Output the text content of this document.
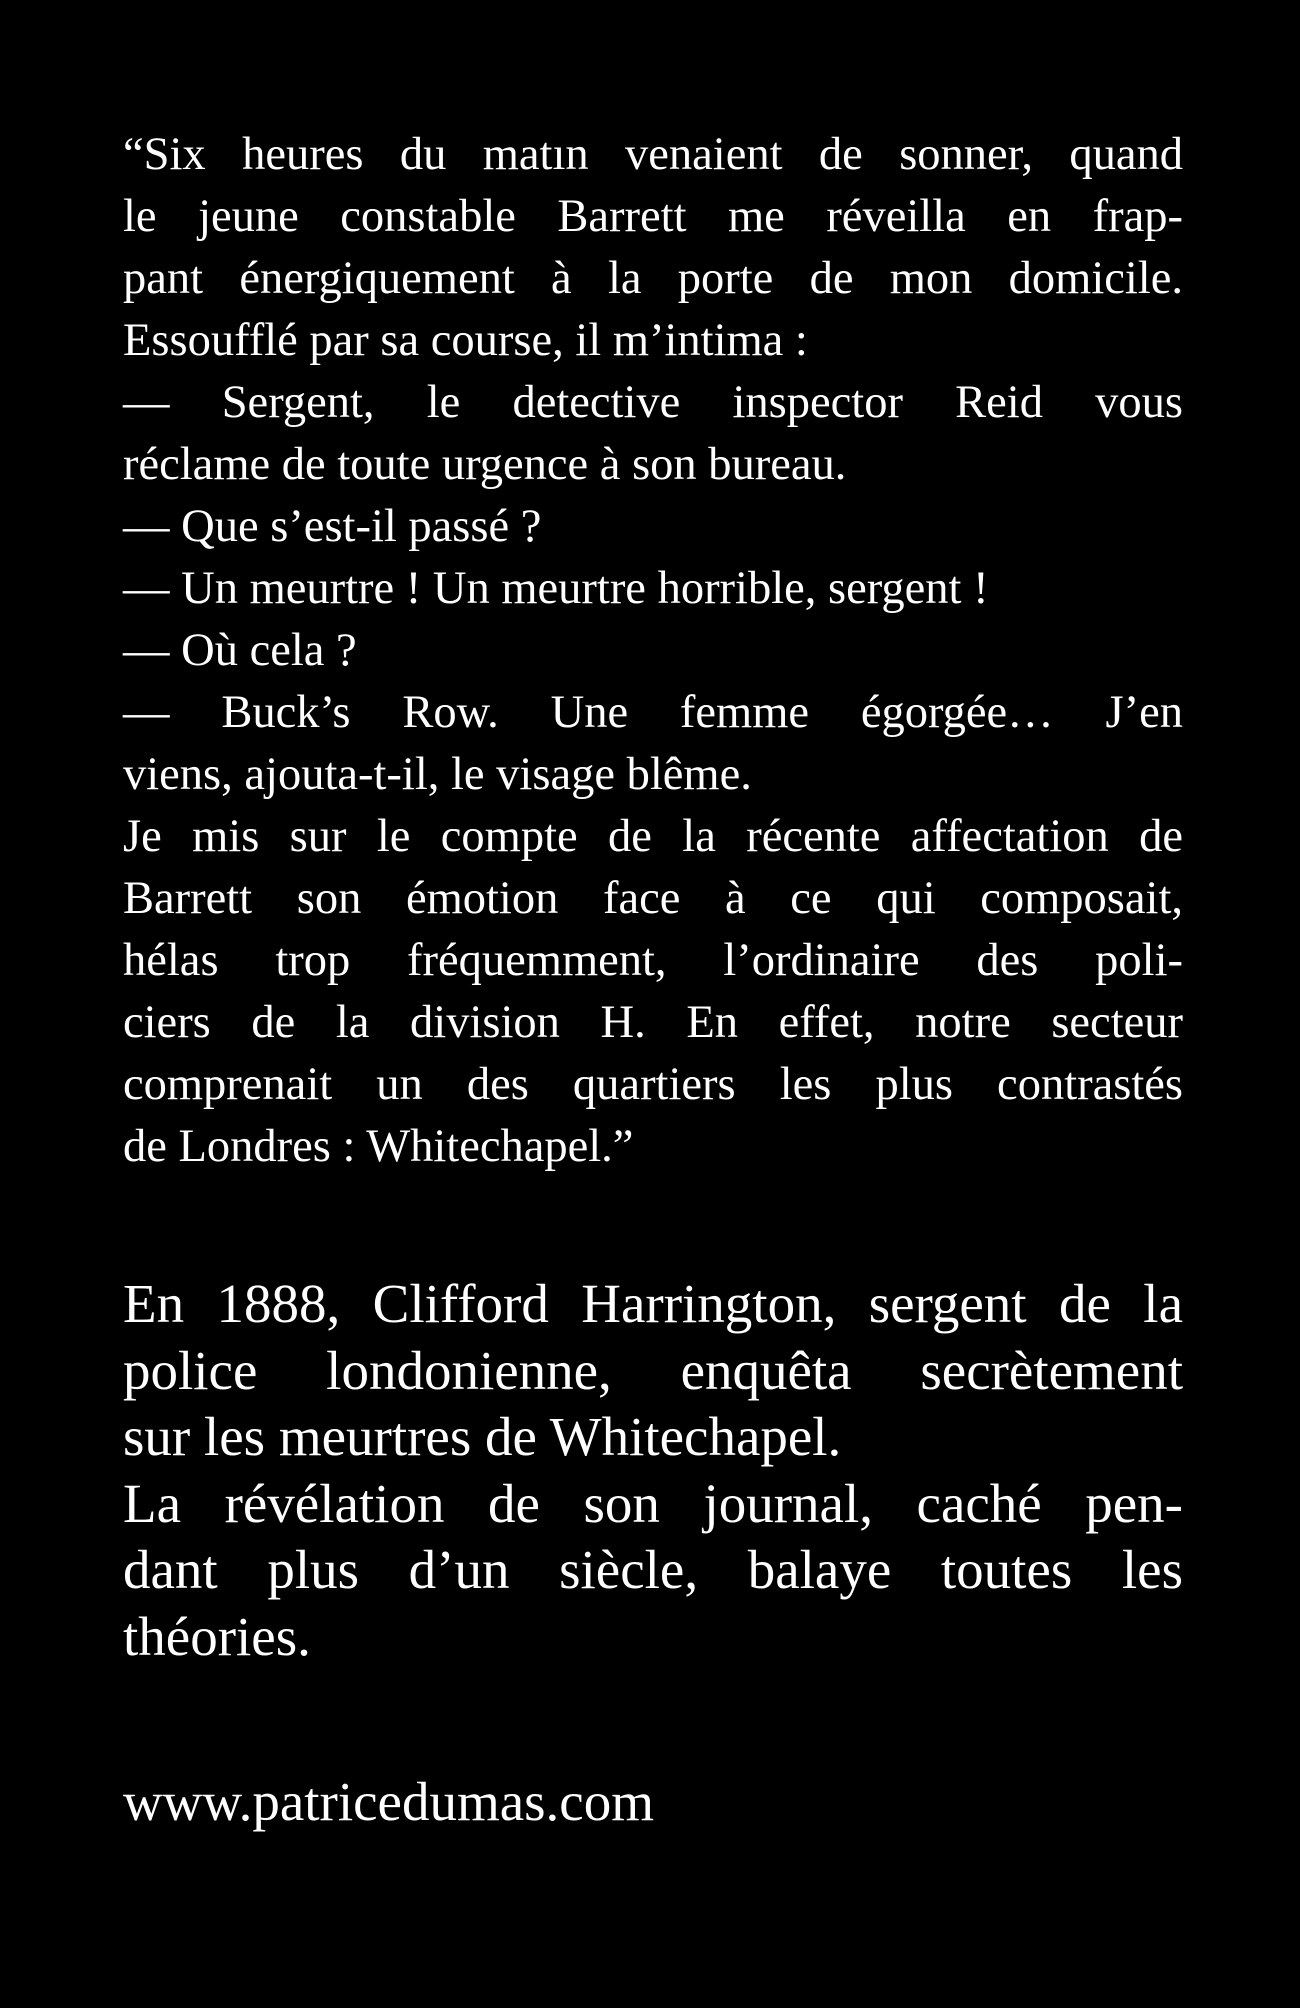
“Six heures du matın venaient de sonner, quand
le jeune constable Barrett me réveilla en frap-
pant énergiquement à la porte de mon domicile.
Essoufflé par sa course, il m’intima :
— Sergent, le detective inspector Reid vous
réclame de toute urgence à son bureau.
— Que s’est-il passé ?
— Un meurtre ! Un meurtre horrible, sergent !
— Où cela ?
— Buck’s Row. Une femme égorgée… J’en
viens, ajouta-t-il, le visage blême.
Je mis sur le compte de la récente affectation de
Barrett son émotion face à ce qui composait,
hélas trop fréquemment, l’ordinaire des poli-
ciers de la division H. En effet, notre secteur
comprenait un des quartiers les plus contrastés
de Londres : Whitechapel.”
En 1888, Clifford Harrington, sergent de la
police londonienne, enquêta secrètement
sur les meurtres de Whitechapel.
La révélation de son journal, caché pen-
dant plus d’un siècle, balaye toutes les
théories.
www.patricedumas.com
